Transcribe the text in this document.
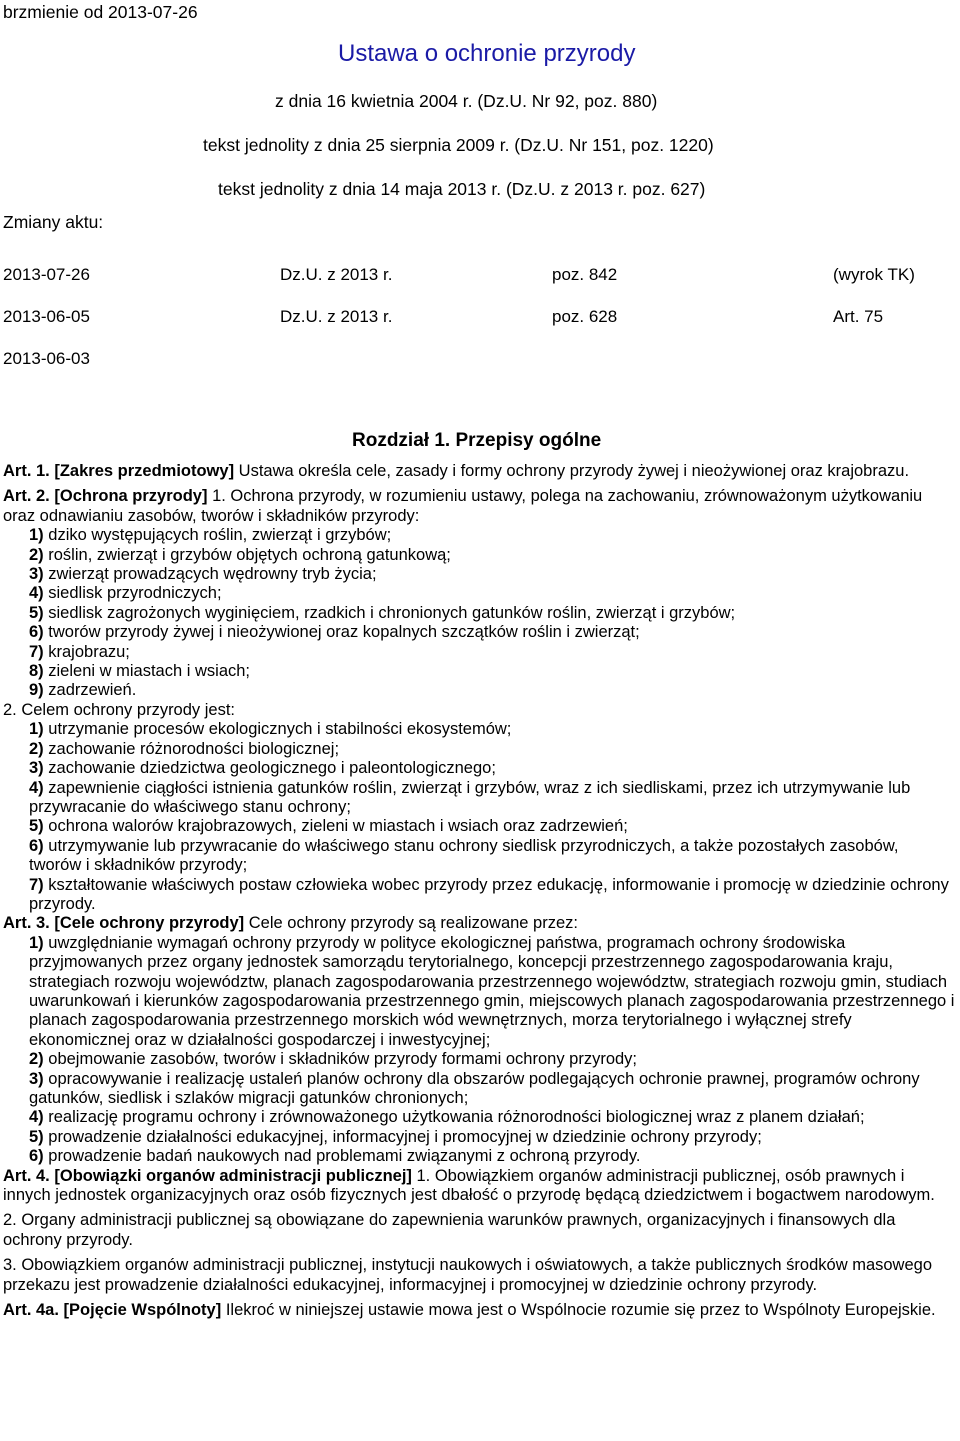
brzmienie od 2013-07-26
Ustawa o ochronie przyrody
z dnia 16 kwietnia 2004 r. (Dz.U. Nr 92, poz. 880)
tekst jednolity z dnia 25 sierpnia 2009 r. (Dz.U. Nr 151, poz. 1220)
tekst jednolity z dnia 14 maja 2013 r. (Dz.U. z 2013 r. poz. 627)
Zmiany aktu:
2013-07-26	Dz.U. z 2013 r.	poz. 842	(wyrok TK)
2013-06-05	Dz.U. z 2013 r.	poz. 628	Art. 75
2013-06-03
Rozdział 1. Przepisy ogólne

Art. 1. [Zakres przedmiotowy] Ustawa określa cele, zasady i formy ochrony przyrody żywej i nieożywionej oraz krajobrazu.

Art. 2. [Ochrona przyrody] 1. Ochrona przyrody, w rozumieniu ustawy, polega na zachowaniu, zrównoważonym użytkowaniu oraz odnawianiu zasobów, tworów i składników przyrody:

1) dziko występujących roślin, zwierząt i grzybów;

2) roślin, zwierząt i grzybów objętych ochroną gatunkową;

3) zwierząt prowadzących wędrowny tryb życia;

4) siedlisk przyrodniczych;

5) siedlisk zagrożonych wyginięciem, rzadkich i chronionych gatunków roślin, zwierząt i grzybów;

6) tworów przyrody żywej i nieożywionej oraz kopalnych szczątków roślin i zwierząt;

7) krajobrazu;

8) zieleni w miastach i wsiach;

9) zadrzewień.

2. Celem ochrony przyrody jest:

1) utrzymanie procesów ekologicznych i stabilności ekosystemów;

2) zachowanie różnorodności biologicznej;

3) zachowanie dziedzictwa geologicznego i paleontologicznego;

4) zapewnienie ciągłości istnienia gatunków roślin, zwierząt i grzybów, wraz z ich siedliskami, przez ich utrzymywanie lub przywracanie do właściwego stanu ochrony;

5) ochrona walorów krajobrazowych, zieleni w miastach i wsiach oraz zadrzewień;

6) utrzymywanie lub przywracanie do właściwego stanu ochrony siedlisk przyrodniczych, a także pozostałych zasobów, tworów i składników przyrody;

7) kształtowanie właściwych postaw człowieka wobec przyrody przez edukację, informowanie i promocję w dziedzinie ochrony przyrody.

Art. 3. [Cele ochrony przyrody] Cele ochrony przyrody są realizowane przez:

1) uwzględnianie wymagań ochrony przyrody w polityce ekologicznej państwa, programach ochrony środowiska przyjmowanych przez organy jednostek samorządu terytorialnego, koncepcji przestrzennego zagospodarowania kraju, strategiach rozwoju województw, planach zagospodarowania przestrzennego województw, strategiach rozwoju gmin, studiach uwarunkowań i kierunków zagospodarowania przestrzennego gmin, miejscowych planach zagospodarowania przestrzennego i planach zagospodarowania przestrzennego morskich wód wewnętrznych, morza terytorialnego i wyłącznej strefy ekonomicznej oraz w działalności gospodarczej i inwestycyjnej;

2) obejmowanie zasobów, tworów i składników przyrody formami ochrony przyrody;

3) opracowywanie i realizację ustaleń planów ochrony dla obszarów podlegających ochronie prawnej, programów ochrony gatunków, siedlisk i szlaków migracji gatunków chronionych;

4) realizację programu ochrony i zrównoważonego użytkowania różnorodności biologicznej wraz z planem działań;

5) prowadzenie działalności edukacyjnej, informacyjnej i promocyjnej w dziedzinie ochrony przyrody;

6) prowadzenie badań naukowych nad problemami związanymi z ochroną przyrody.

Art. 4. [Obowiązki organów administracji publicznej] 1. Obowiązkiem organów administracji publicznej, osób prawnych i innych jednostek organizacyjnych oraz osób fizycznych jest dbałość o przyrodę będącą dziedzictwem i bogactwem narodowym.

2. Organy administracji publicznej są obowiązane do zapewnienia warunków prawnych, organizacyjnych i finansowych dla ochrony przyrody.

3. Obowiązkiem organów administracji publicznej, instytucji naukowych i oświatowych, a także publicznych środków masowego przekazu jest prowadzenie działalności edukacyjnej, informacyjnej i promocyjnej w dziedzinie ochrony przyrody.

Art. 4a. [Pojęcie Wspólnoty] Ilekroć w niniejszej ustawie mowa jest o Wspólnocie rozumie się przez to Wspólnoty Europejskie.
